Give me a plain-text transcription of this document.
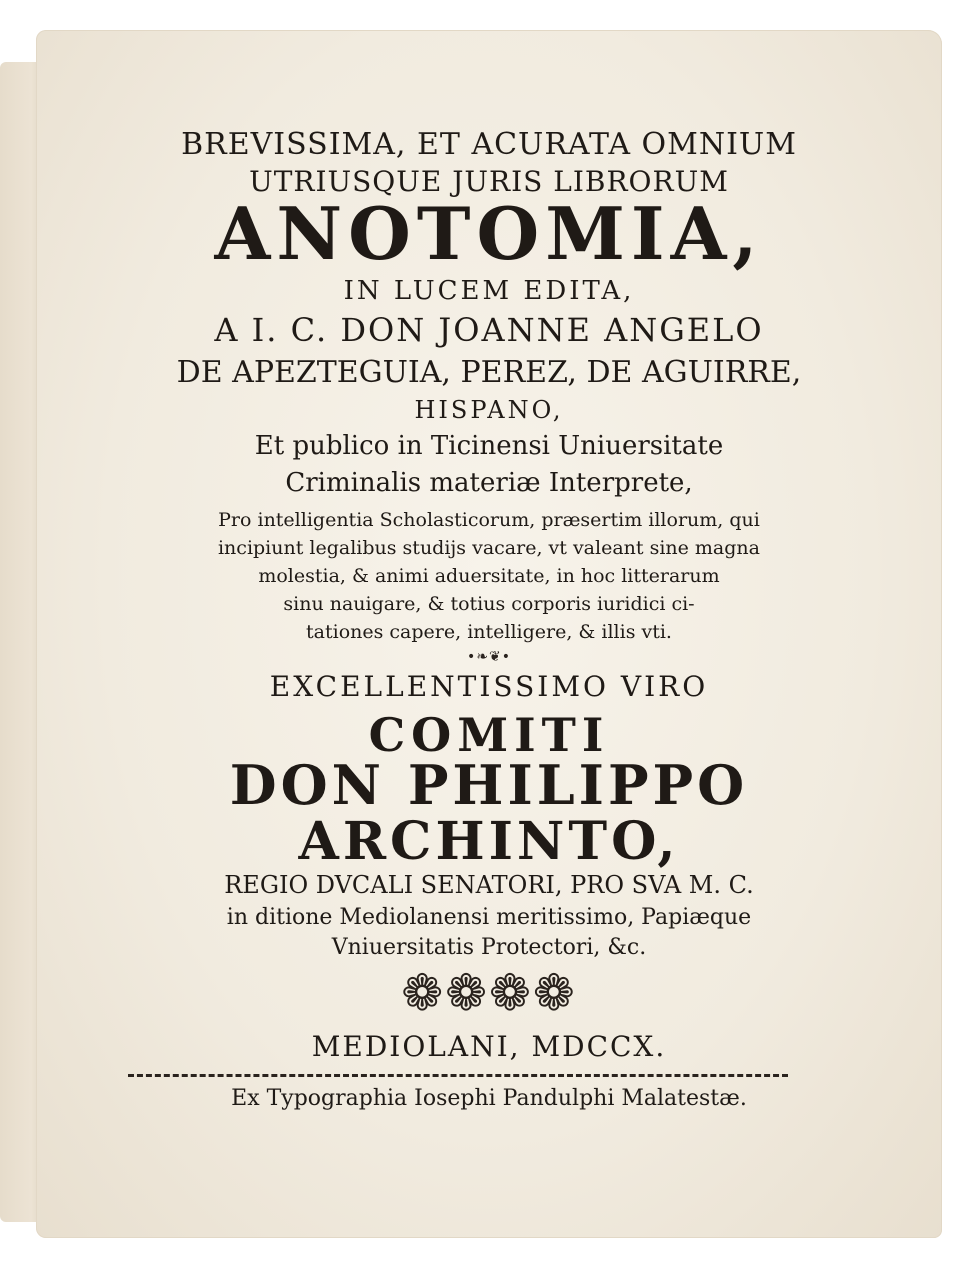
BREVISSIMA, ET ACURATA OMNIUM

UTRIUSQUE JURIS LIBRORUM

ANOTOMIA,

IN LUCEM EDITA,

A I. C. DON JOANNE ANGELO

DE APEZTEGUIA, PEREZ, DE AGUIRRE,

HISPANO,

Et publico in Ticinensi Uniuersitate

Criminalis materiæ Interprete,

Pro intelligentia Scholasticorum, præsertim illorum, qui

incipiunt legalibus studijs vacare, vt valeant sine magna

molestia, & animi aduersitate, in hoc litterarum

sinu nauigare, & totius corporis iuridici ci-

tationes capere, intelligere, & illis vti.

•❧❦•

EXCELLENTISSIMO VIRO

COMITI

DON PHILIPPO

ARCHINTO,

REGIO DVCALI SENATORI, PRO SVA M. C.

in ditione Mediolanensi meritissimo, Papiæque

Vniuersitatis Protectori, &c.

❁❁❁❁

MEDIOLANI, MDCCX.

Ex Typographia Iosephi Pandulphi Malatestæ.
